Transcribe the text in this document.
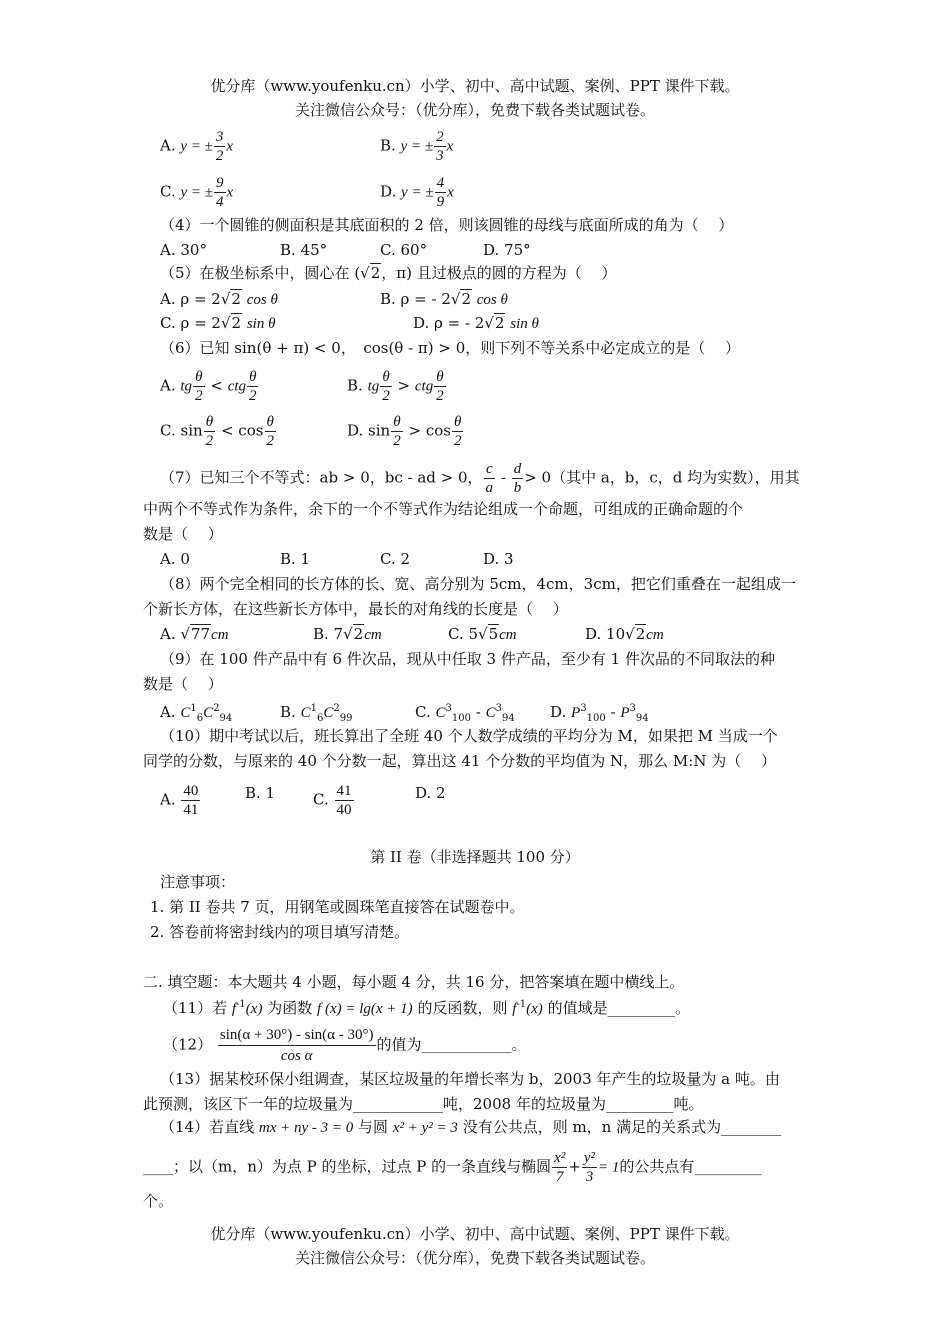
优分库（www.youfenku.cn）小学、初中、高中试题、案例、PPT 课件下载。
关注微信公众号：（优分库），免费下载各类试题试卷。
A. y = ± $\frac{3}{2}$ x	B. y = ± $\frac{2}{3}$ x
C. y = ± $\frac{9}{4}$ x	D. y = ± $\frac{4}{9}$ x
（4）一个圆锥的侧面积是其底面积的 2 倍，则该圆锥的母线与底面所成的角为（　 ）
A. 30°	B. 45°	C. 60°	D. 75°
（5）在极坐标系中，圆心在 (√2，π) 且过极点的圆的方程为（　 ）
A. ρ = 2√2 cos θ	B. ρ = - 2√2 cos θ
C. ρ = 2√2 sin θ	D. ρ = - 2√2 sin θ
（6）已知 sin(θ + π) < 0，　cos(θ - π) > 0，则下列不等关系中必定成立的是（　 ）
A. tg $\frac{\theta}{2}$ < ctg $\frac{\theta}{2}$	B. tg $\frac{\theta}{2}$ > ctg $\frac{\theta}{2}$
C. $\sin \frac{\theta}{2} < \cos \frac{\theta}{2}$	D. $\sin \frac{\theta}{2} > \cos \frac{\theta}{2}$
（7）已知三个不等式：ab > 0，bc - ad > 0， $\frac{c}{a} - \frac{d}{b} > 0$（其中 a，b，c，d 均为实数），用其
中两个不等式作为条件，余下的一个不等式作为结论组成一个命题，可组成的正确命题的个
数是（　 ）
A. 0	B. 1	C. 2	D. 3
（8）两个完全相同的长方体的长、宽、高分别为 5cm，4cm，3cm，把它们重叠在一起组成一
个新长方体，在这些新长方体中，最长的对角线的长度是（　 ）
A. √77cm	B. 7√2cm	C. 5√5cm	D. 10√2cm
（9）在 100 件产品中有 6 件次品，现从中任取 3 件产品，至少有 1 件次品的不同取法的种
数是（　 ）
A. $C^1_6C^2_{94}$	B. $C^1_6C^2_{99}$	C. $C^3_{100} - C^3_{94}$ D. $P^3_{100} - P^3_{94}$
（10）期中考试以后，班长算出了全班 40 个人数学成绩的平均分为 M，如果把 M 当成一个
同学的分数，与原来的 40 个分数一起，算出这 41 个分数的平均值为 N，那么 M:N 为（　 ）
A. $\frac{40}{41}$	B. 1	C. $\frac{41}{40}$	D. 2
第 II 卷（非选择题共 100 分）
注意事项：
1. 第 II 卷共 7 页，用钢笔或圆珠笔直接答在试题卷中。
2. 答卷前将密封线内的项目填写清楚。
二. 填空题：本大题共 4 小题，每小题 4 分，共 16 分，把答案填在题中横线上。
（11）若 $f^{-1}(x)$ 为函数 f (x) = lg(x + 1) 的反函数，则 $f^{-1}(x)$ 的值域是_________。
$(12) \frac{\sin(\alpha + 30^\circ) - \sin(\alpha - 30^\circ)}{\text{cos α}}$ 的值为____________。
（13）据某校环保小组调查，某区垃圾量的年增长率为 b，2003 年产生的垃圾量为 a 吨。由
此预测，该区下一年的垃圾量为____________吨，2008 年的垃圾量为_________吨。
（14）若直线 mx + ny - 3 = 0 与圆 x² + y² = 3 没有公共点，则 m，n 满足的关系式为________
____；以（m，n）为点 P 的坐标，过点 P 的一条直线与椭圆 $\frac{\text{x²}}{7} + \frac{\text{y²}}{3} = 1$的公共点有_________
个。
优分库（www.youfenku.cn）小学、初中、高中试题、案例、PPT 课件下载。
关注微信公众号：（优分库），免费下载各类试题试卷。
